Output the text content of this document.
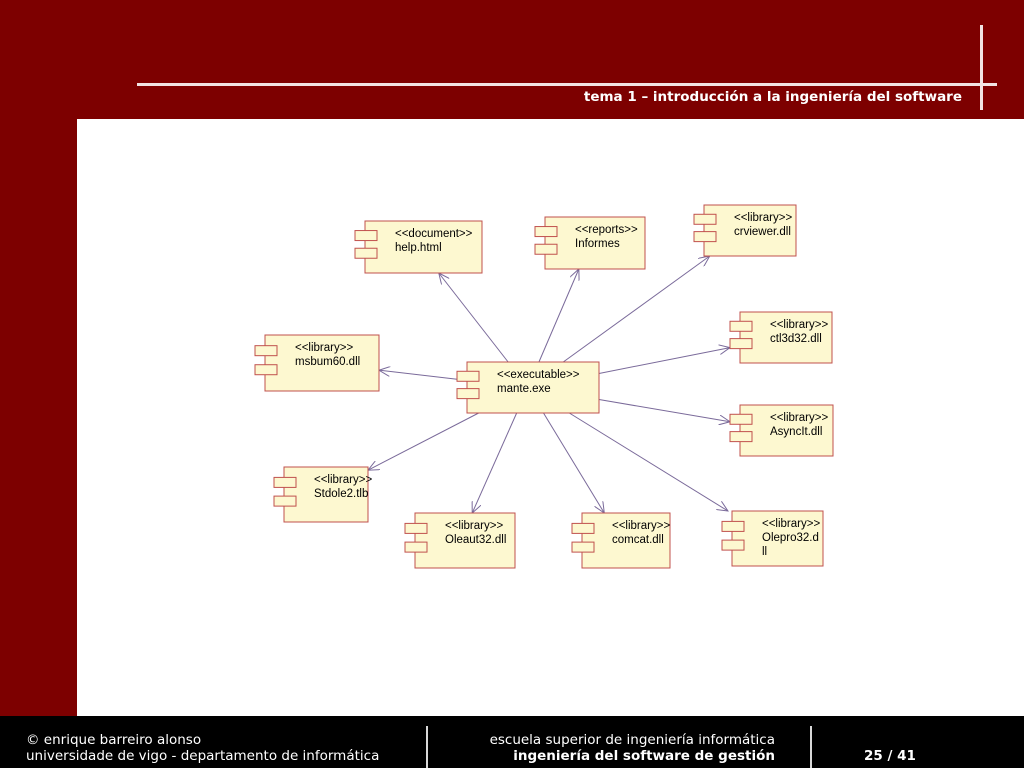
tema 1 – introducción a la ingeniería del software
<<document>>
help.html
<<reports>>
Informes
<<library>>
crviewer.dll
<<library>>
ctl3d32.dll
<<library>>
msbum60.dll
<<executable>>
mante.exe
<<library>>
AsyncIt.dll
<<library>>
Stdole2.tlb
<<library>>
Oleaut32.dll
<<library>>
comcat.dll
<<library>>
Olepro32.d
ll
© enrique barreiro alonso
universidade de vigo - departamento de informática
escuela superior de ingeniería informática
ingeniería del software de gestión	25 / 41
